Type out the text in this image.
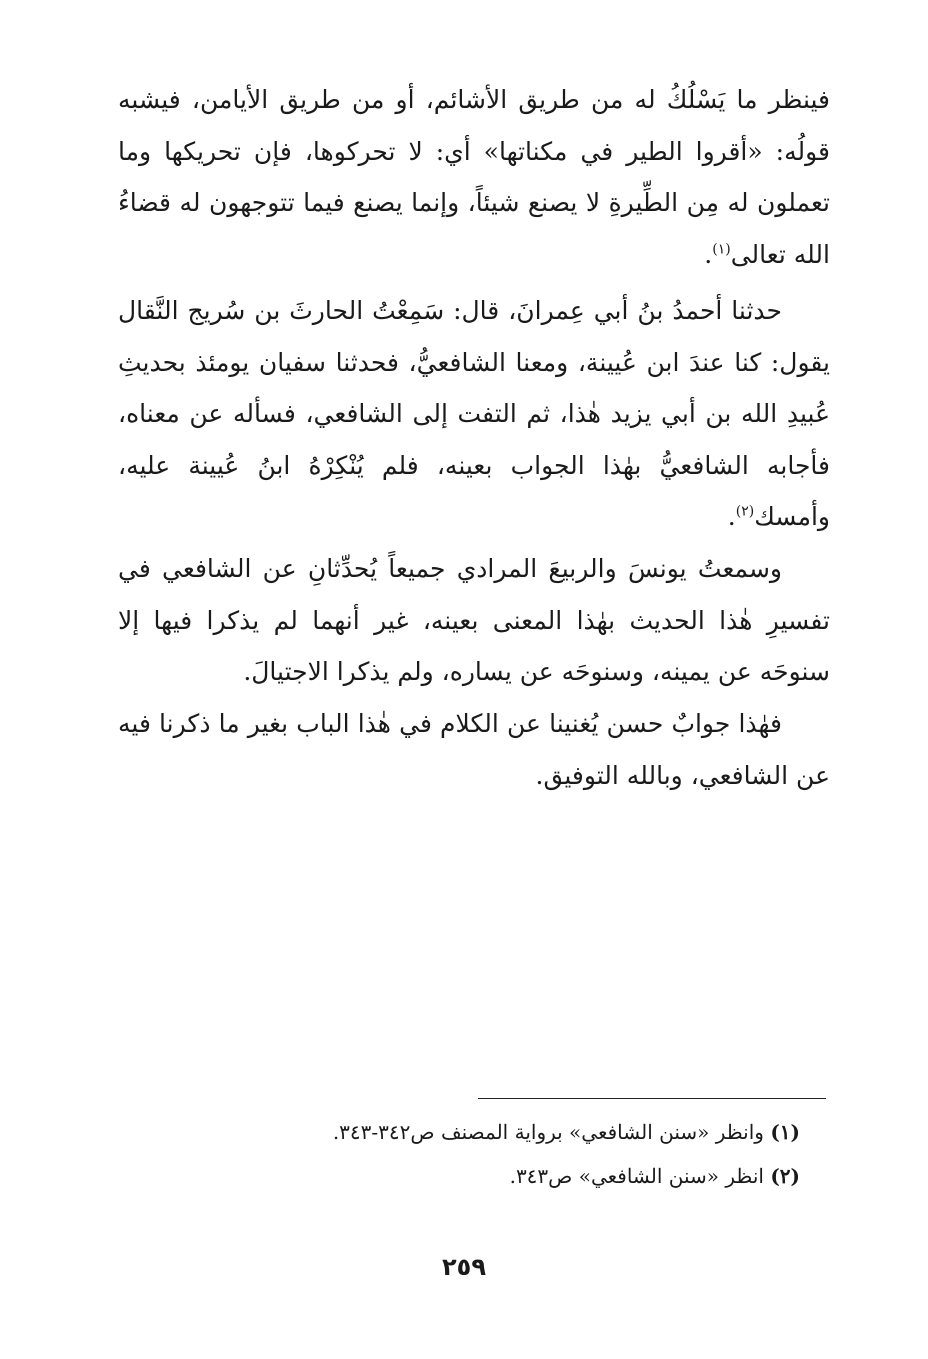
فينظر ما يَسْلُكُ له من طريق الأشائم، أو من طريق الأيامن، فيشبه قولُه: «أقروا الطير في مكناتها» أي: لا تحركوها، فإن تحريكها وما تعملون له مِن الطِّيرةِ لا يصنع شيئاً، وإنما يصنع فيما تتوجهون له قضاءُ الله تعالى$^{(١)}$.

حدثنا أحمدُ بنُ أبي عِمرانَ، قال: سَمِعْتُ الحارثَ بن سُريج النَّقال يقول: كنا عندَ ابن عُيينة، ومعنا الشافعيُّ، فحدثنا سفيان يومئذ بحديثِ عُبيدِ الله بن أبي يزيد هٰذا، ثم التفت إلى الشافعي، فسأله عن معناه، فأجابه الشافعيُّ بهٰذا الجواب بعينه، فلم يُنْكِرْهُ ابنُ عُيينة عليه، وأمسك$^{(٢)}$.

وسمعتُ يونسَ والربيعَ المرادي جميعاً يُحدِّثانِ عن الشافعي في تفسيرِ هٰذا الحديث بهٰذا المعنى بعينه، غير أنهما لم يذكرا فيها إلا سنوحَه عن يمينه، وسنوحَه عن يساره، ولم يذكرا الاجتيالَ.

فهٰذا جوابٌ حسن يُغنينا عن الكلام في هٰذا الباب بغير ما ذكرنا فيه عن الشافعي، وبالله التوفيق.

(١) وانظر «سنن الشافعي» برواية المصنف ص٣٤٢-٣٤٣.

(٢) انظر «سنن الشافعي» ص٣٤٣.

٢٥٩
